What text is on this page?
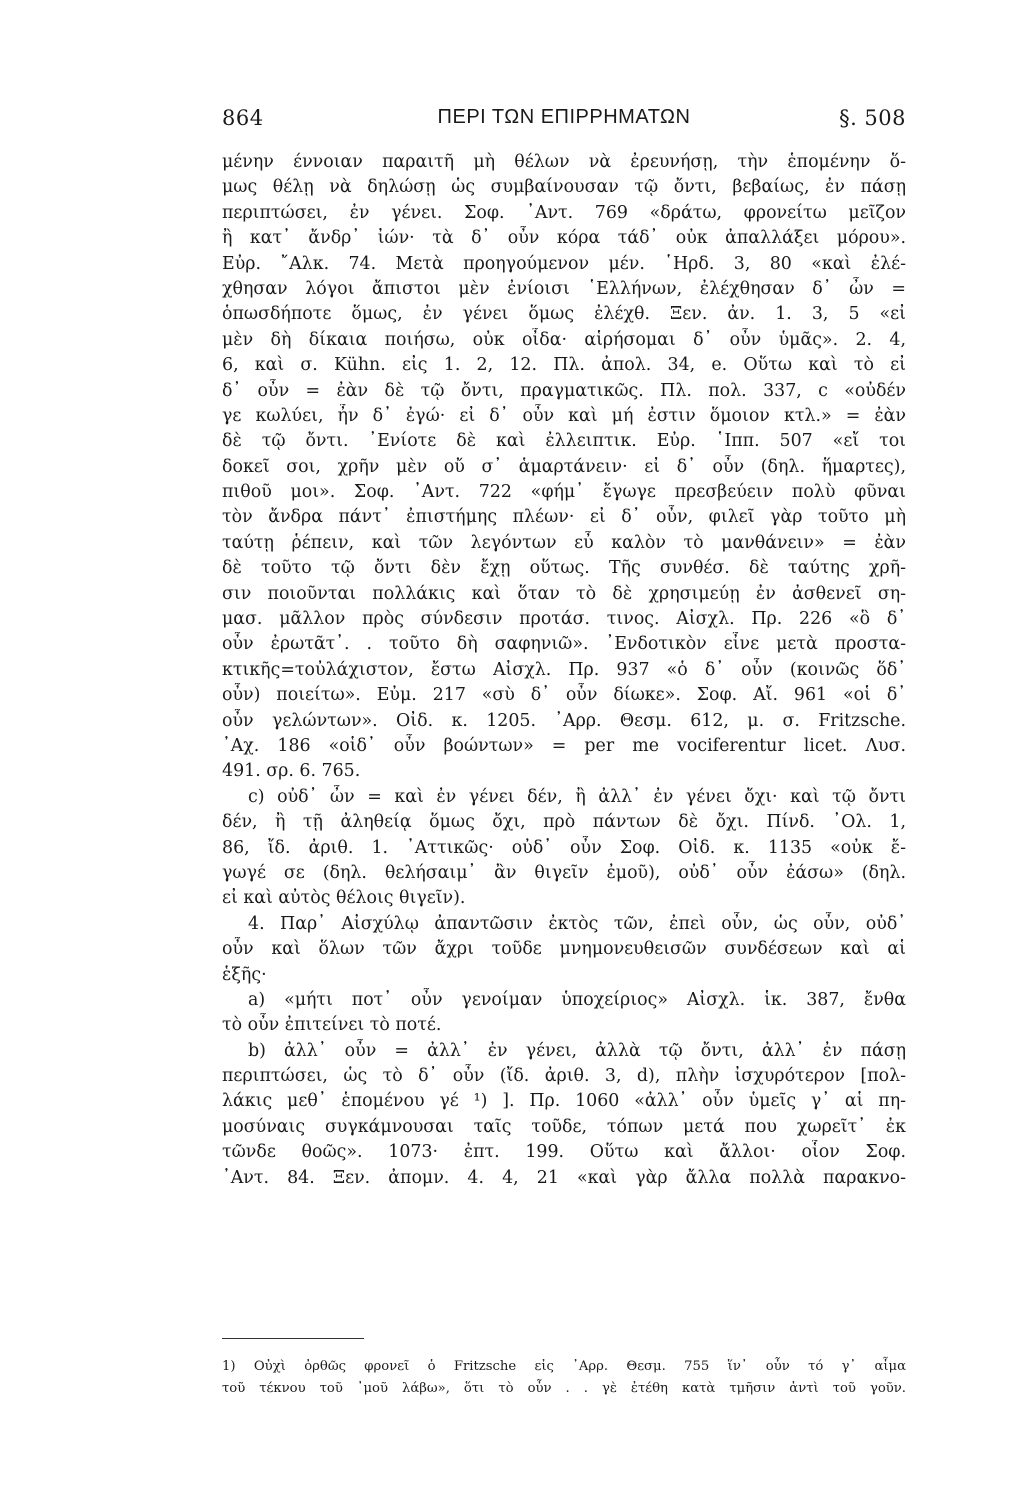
864	ΠΕΡΙ ΤΩΝ ΕΠΙΡΡΗΜΑΤΩΝ	§. 508
μένην έννοιαν παραιτῆ μὴ θέλων νὰ ἐρευνήσῃ, τὴν ἑπομένην ὅ-
μως θέλῃ νὰ δηλώσῃ ὡς συμβαίνουσαν τῷ ὄντι, βεβαίως, ἐν πάσῃ
περιπτώσει, ἐν γένει. Σοφ. ᾿Αντ. 769 «δράτω, φρονείτω μεῖζον
ἢ κατ᾿ ἄνδρ᾿ ἰών· τὰ δ᾿ οὖν κόρα τάδ᾿ οὐκ ἀπαλλάξει μόρου».
Εὐρ. ῎Αλκ. 74. Μετὰ προηγούμενον μέν. ῾Ηρδ. 3, 80 «καὶ ἐλέ-
χθησαν λόγοι ἄπιστοι μὲν ἐνίοισι ῾Ελλήνων, ἐλέχθησαν δ᾿ ὦν =
ὁπωσδήποτε ὅμως, ἐν γένει ὅμως ἐλέχθ. Ξεν. ἀν. 1. 3, 5 «εἰ
μὲν δὴ δίκαια ποιήσω, οὐκ οἶδα· αἱρήσομαι δ᾿ οὖν ὑμᾶς». 2. 4,
6, καὶ σ. Kühn. εἰς 1. 2, 12. Πλ. ἀπολ. 34, e. Οὕτω καὶ τὸ εἰ
δ᾿ οὖν = ἐὰν δὲ τῷ ὄντι, πραγματικῶς. Πλ. πολ. 337, c «οὐδέν
γε κωλύει, ἦν δ᾿ ἐγώ· εἰ δ᾿ οὖν καὶ μή ἐστιν ὅμοιον κτλ.» = ἐὰν
δὲ τῷ ὄντι. ᾿Ενίοτε δὲ καὶ ἐλλειπτικ. Εὐρ. ῾Ιππ. 507 «εἴ τοι
δοκεῖ σοι, χρῆν μὲν οὔ σ᾿ ἁμαρτάνειν· εἰ δ᾿ οὖν (δηλ. ἥμαρτες),
πιθοῦ μοι». Σοφ. ᾿Αντ. 722 «φήμ᾿ ἔγωγε πρεσβεύειν πολὺ φῦναι
τὸν ἄνδρα πάντ᾿ ἐπιστήμης πλέων· εἰ δ᾿ οὖν, φιλεῖ γὰρ τοῦτο μὴ
ταύτῃ ῥέπειν, καὶ τῶν λεγόντων εὖ καλὸν τὸ μανθάνειν» = ἐὰν
δὲ τοῦτο τῷ ὄντι δὲν ἔχῃ οὕτως. Τῆς συνθέσ. δὲ ταύτης χρῆ-
σιν ποιοῦνται πολλάκις καὶ ὅταν τὸ δὲ χρησιμεύῃ ἐν ἀσθενεῖ ση-
μασ. μᾶλλον πρὸς σύνδεσιν προτάσ. τινος. Αἰσχλ. Πρ. 226 «ὃ δ᾿
οὖν ἐρωτᾶτ᾿. . τοῦτο δὴ σαφηνιῶ». ᾿Ενδοτικὸν εἶνε μετὰ προστα-
κτικῆς=τοὐλάχιστον, ἔστω Αἰσχλ. Πρ. 937 «ὁ δ᾿ οὖν (κοινῶς ὅδ᾿
οὖν) ποιείτω». Εὐμ. 217 «σὺ δ᾿ οὖν δίωκε». Σοφ. Αἴ. 961 «οἱ δ᾿
οὖν γελώντων». Οἰδ. κ. 1205. ᾿Αρρ. Θεσμ. 612, μ. σ. Fritzsche.
᾿Αχ. 186 «οἱδ᾿ οὖν βοώντων» = per me vociferentur licet. Λυσ.
491. σρ. 6. 765.
c) οὐδ᾿ ὦν = καὶ ἐν γένει δέν, ἢ ἀλλ᾿ ἐν γένει ὄχι· καὶ τῷ ὄντι
δέν, ἢ τῇ ἀληθείᾳ ὅμως ὄχι, πρὸ πάντων δὲ ὄχι. Πίνδ. ᾿Ολ. 1,
86, ἴδ. ἀριθ. 1. ᾿Αττικῶς· οὐδ᾿ οὖν Σοφ. Οἰδ. κ. 1135 «οὐκ ἔ-
γωγέ σε (δηλ. θελήσαιμ᾿ ἂν θιγεῖν ἐμοῦ), οὐδ᾿ οὖν ἐάσω» (δηλ.
εἰ καὶ αὐτὸς θέλοις θιγεῖν).
4. Παρ᾿ Αἰσχύλῳ ἀπαντῶσιν ἐκτὸς τῶν, ἐπεὶ οὖν, ὡς οὖν, οὐδ᾿
οὖν καὶ ὅλων τῶν ἄχρι τοῦδε μνημονευθεισῶν συνδέσεων καὶ αἱ
ἑξῆς·
a) «μήτι ποτ᾿ οὖν γενοίμαν ὑποχείριος» Αἰσχλ. ἱκ. 387, ἔνθα
τὸ οὖν ἐπιτείνει τὸ ποτέ.
b) ἀλλ᾿ οὖν = ἀλλ᾿ ἐν γένει, ἀλλὰ τῷ ὄντι, ἀλλ᾿ ἐν πάσῃ
περιπτώσει, ὡς τὸ δ᾿ οὖν (ἴδ. ἀριθ. 3, d), πλὴν ἰσχυρότερον [πολ-
λάκις μεθ᾿ ἑπομένου γέ ¹) ]. Πρ. 1060 «ἀλλ᾿ οὖν ὑμεῖς γ᾿ αἱ πη-
μοσύναις συγκάμνουσαι ταῖς τοῦδε, τόπων μετά που χωρεῖτ᾿ ἐκ
τῶνδε θοῶς». 1073· ἐπτ. 199. Οὕτω καὶ ἄλλοι· οἷον Σοφ.
᾿Αντ. 84. Ξεν. ἀπομν. 4. 4, 21 «καὶ γὰρ ἄλλα πολλὰ παρακνο-
1) Οὐχὶ ὀρθῶς φρονεῖ ὁ Fritzsche εἰς ᾿Αρρ. Θεσμ. 755 ἵν᾿ οὖν τό γ᾿ αἷμα
τοῦ τέκνου τοῦ ᾿μοῦ λάβω», ὅτι τὸ οὖν . . γὲ ἐτέθη κατὰ τμῆσιν ἀντὶ τοῦ γοῦν.
